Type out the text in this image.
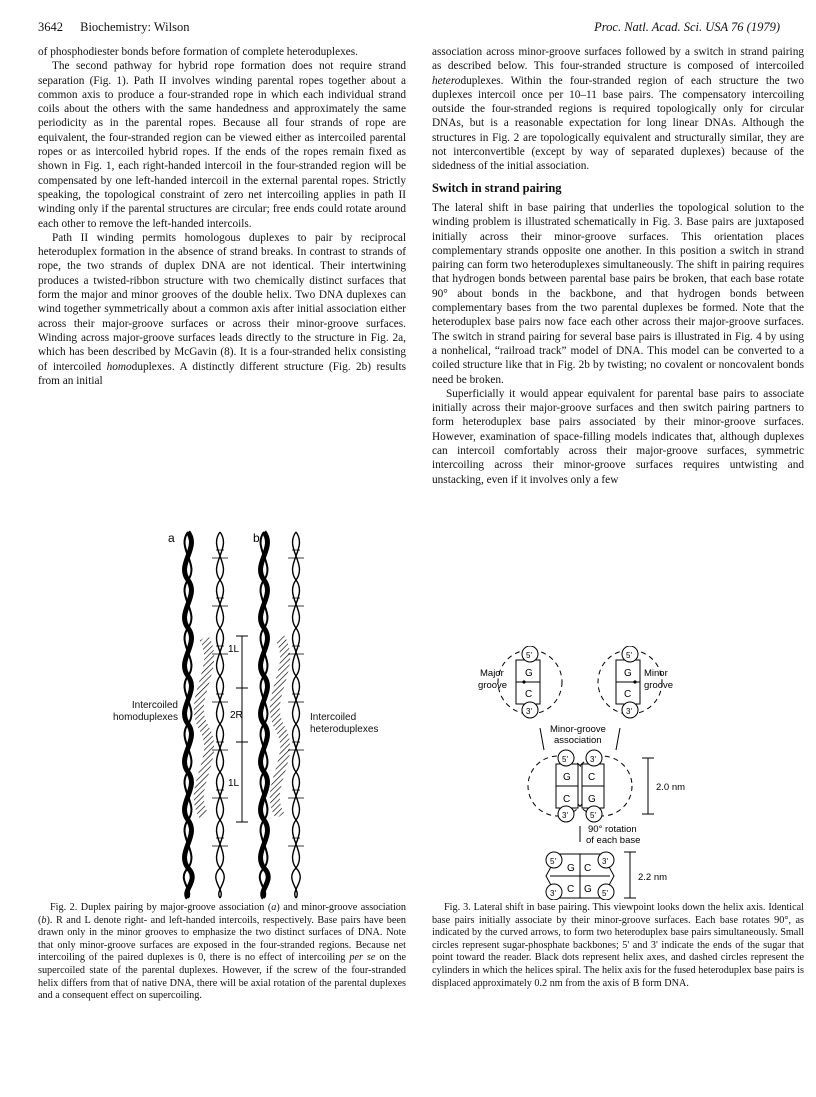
3642 Biochemistry: Wilson	Proc. Natl. Acad. Sci. USA 76 (1979)

of phosphodiester bonds before formation of complete heteroduplexes.

The second pathway for hybrid rope formation does not require strand separation (Fig. 1). Path II involves winding parental ropes together about a common axis to produce a four-stranded rope in which each individual strand coils about the others with the same handedness and approximately the same periodicity as in the parental ropes. Because all four strands of rope are equivalent, the four-stranded region can be viewed either as intercoiled parental ropes or as intercoiled hybrid ropes. If the ends of the ropes remain fixed as shown in Fig. 1, each right-handed intercoil in the four-stranded region will be compensated by one left-handed intercoil in the external parental ropes. Strictly speaking, the topological constraint of zero net intercoiling applies in path II winding only if the parental structures are circular; free ends could rotate around each other to remove the left-handed intercoils.

Path II winding permits homologous duplexes to pair by reciprocal heteroduplex formation in the absence of strand breaks. In contrast to strands of rope, the two strands of duplex DNA are not identical. Their intertwining produces a twisted-ribbon structure with two chemically distinct surfaces that form the major and minor grooves of the double helix. Two DNA duplexes can wind together symmetrically about a common axis after initial association either across their major-groove surfaces or across their minor-groove surfaces. Winding across major-groove surfaces leads directly to the structure in Fig. 2a, which has been described by McGavin (8). It is a four-stranded helix consisting of intercoiled homoduplexes. A distinctly different structure (Fig. 2b) results from an initial

association across minor-groove surfaces followed by a switch in strand pairing as described below. This four-stranded structure is composed of intercoiled heteroduplexes. Within the four-stranded region of each structure the two duplexes intercoil once per 10–11 base pairs. The compensatory intercoiling outside the four-stranded regions is required topologically only for circular DNAs, but is a reasonable expectation for long linear DNAs. Although the structures in Fig. 2 are topologically equivalent and structurally similar, they are not interconvertible (except by way of separated duplexes) because of the sidedness of the initial association.

Switch in strand pairing

The lateral shift in base pairing that underlies the topological solution to the winding problem is illustrated schematically in Fig. 3. Base pairs are juxtaposed initially across their minor-groove surfaces. This orientation places complementary strands opposite one another. In this position a switch in strand pairing can form two heteroduplexes simultaneously. The shift in pairing requires that hydrogen bonds between parental base pairs be broken, that each base rotate 90° about bonds in the backbone, and that hydrogen bonds between complementary bases from the two parental duplexes be formed. Note that the heteroduplex base pairs now face each other across their major-groove surfaces. The switch in strand pairing for several base pairs is illustrated in Fig. 4 by using a nonhelical, “railroad track” model of DNA. This model can be converted to a coiled structure like that in Fig. 2b by twisting; no covalent or noncovalent bonds need be broken.

Superficially it would appear equivalent for parental base pairs to associate initially across their major-groove surfaces and then switch pairing partners to form heteroduplex base pairs associated by their minor-groove surfaces. However, examination of space-filling models indicates that, although duplexes can intercoil comfortably across their major-groove surfaces, symmetric intercoiling across their minor-groove surfaces requires untwisting and unstacking, even if it involves only a few

a	b
1L
2R
1L
Intercoiled
homoduplexes	Intercoiled
heteroduplexes
5'
3'
G
C
5'
3'
G
C
Major
groove
Minor
groove
Minor-groove
association
5'
3'
3'
5'
G
C
C
G
2.0 nm
90° rotation
of each base
5'	3'
3'	5'
G C
C G
2.2 nm

Fig. 2. Duplex pairing by major-groove association (a) and minor-groove association (b). R and L denote right- and left-handed intercoils, respectively. Base pairs have been drawn only in the minor grooves to emphasize the two distinct surfaces of DNA. Note that only minor-groove surfaces are exposed in the four-stranded regions. Because net intercoiling of the paired duplexes is 0, there is no effect of intercoiling per se on the supercoiled state of the parental duplexes. However, if the screw of the four-stranded helix differs from that of native DNA, there will be axial rotation of the parental duplexes and a consequent effect on supercoiling.

Fig. 3. Lateral shift in base pairing. This viewpoint looks down the helix axis. Identical base pairs initially associate by their minor-groove surfaces. Each base rotates 90°, as indicated by the curved arrows, to form two heteroduplex base pairs simultaneously. Small circles represent sugar-phosphate backbones; 5' and 3' indicate the ends of the sugar that point toward the reader. Black dots represent helix axes, and dashed circles represent the cylinders in which the helices spiral. The helix axis for the fused heteroduplex base pairs is displaced approximately 0.2 nm from the axis of B form DNA.
